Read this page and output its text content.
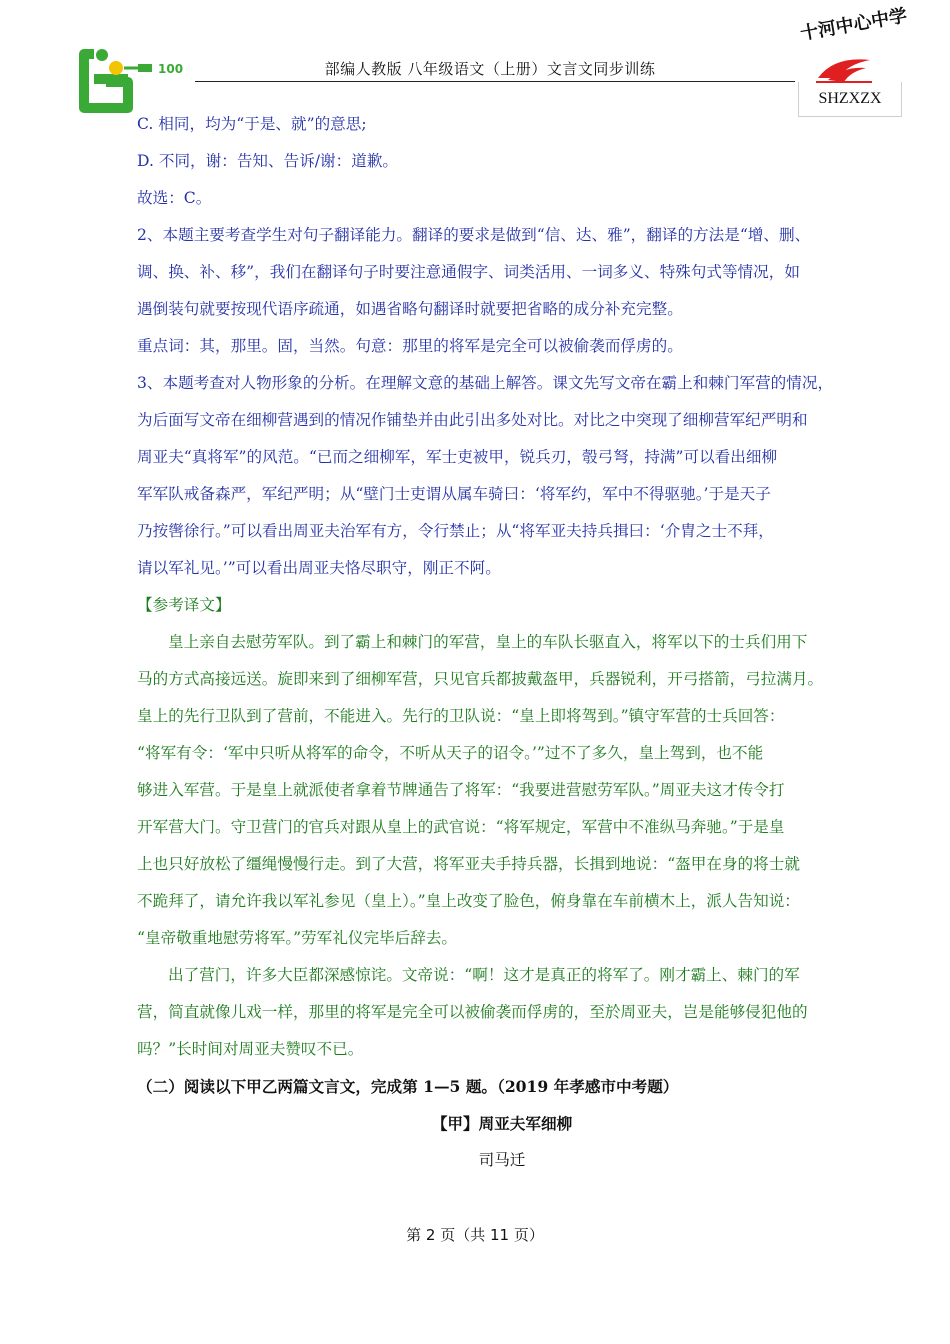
100	部编人教版 八年级语文（上册）文言文同步训练
十河中心中学
SHZXZX

C. 相同，均为“于是、就”的意思;

D. 不同，谢：告知、告诉/谢：道歉。

故选：C。

2、本题主要考查学生对句子翻译能力。翻译的要求是做到“信、达、雅”，翻译的方法是“增、删、

调、换、补、移”，我们在翻译句子时要注意通假字、词类活用、一词多义、特殊句式等情况，如

遇倒装句就要按现代语序疏通，如遇省略句翻译时就要把省略的成分补充完整。

重点词：其，那里。固，当然。句意：那里的将军是完全可以被偷袭而俘虏的。

3、本题考查对人物形象的分析。在理解文意的基础上解答。课文先写文帝在霸上和棘门军营的情况，

为后面写文帝在细柳营遇到的情况作铺垫并由此引出多处对比。对比之中突现了细柳营军纪严明和

周亚夫“真将军”的风范。“已而之细柳军，军士吏被甲，锐兵刃，彀弓弩，持满”可以看出细柳

军军队戒备森严，军纪严明；从“壁门士吏谓从属车骑曰：‘将军约，军中不得驱驰。’于是天子

乃按辔徐行。”可以看出周亚夫治军有方，令行禁止；从“将军亚夫持兵揖曰：‘介胄之士不拜，

请以军礼见。’”可以看出周亚夫恪尽职守，刚正不阿。

【参考译文】

皇上亲自去慰劳军队。到了霸上和棘门的军营，皇上的车队长驱直入，将军以下的士兵们用下

马的方式高接远送。旋即来到了细柳军营，只见官兵都披戴盔甲，兵器锐利，开弓搭箭，弓拉满月。

皇上的先行卫队到了营前，不能进入。先行的卫队说：“皇上即将驾到。”镇守军营的士兵回答：

“将军有令：‘军中只听从将军的命令，不听从天子的诏令。’”过不了多久，皇上驾到，也不能

够进入军营。于是皇上就派使者拿着节牌通告了将军：“我要进营慰劳军队。”周亚夫这才传令打

开军营大门。守卫营门的官兵对跟从皇上的武官说：“将军规定，军营中不准纵马奔驰。”于是皇

上也只好放松了缰绳慢慢行走。到了大营，将军亚夫手持兵器，长揖到地说：“盔甲在身的将士就

不跪拜了，请允许我以军礼参见（皇上）。”皇上改变了脸色，俯身靠在车前横木上，派人告知说：

“皇帝敬重地慰劳将军。”劳军礼仪完毕后辞去。

出了营门，许多大臣都深感惊诧。文帝说：“啊！这才是真正的将军了。刚才霸上、棘门的军

营，简直就像儿戏一样，那里的将军是完全可以被偷袭而俘虏的，至於周亚夫，岂是能够侵犯他的

吗？”长时间对周亚夫赞叹不已。

（二）阅读以下甲乙两篇文言文，完成第 1—5 题。（2019 年孝感市中考题）

【甲】周亚夫军细柳

司马迁

第 2 页（共 11 页）
